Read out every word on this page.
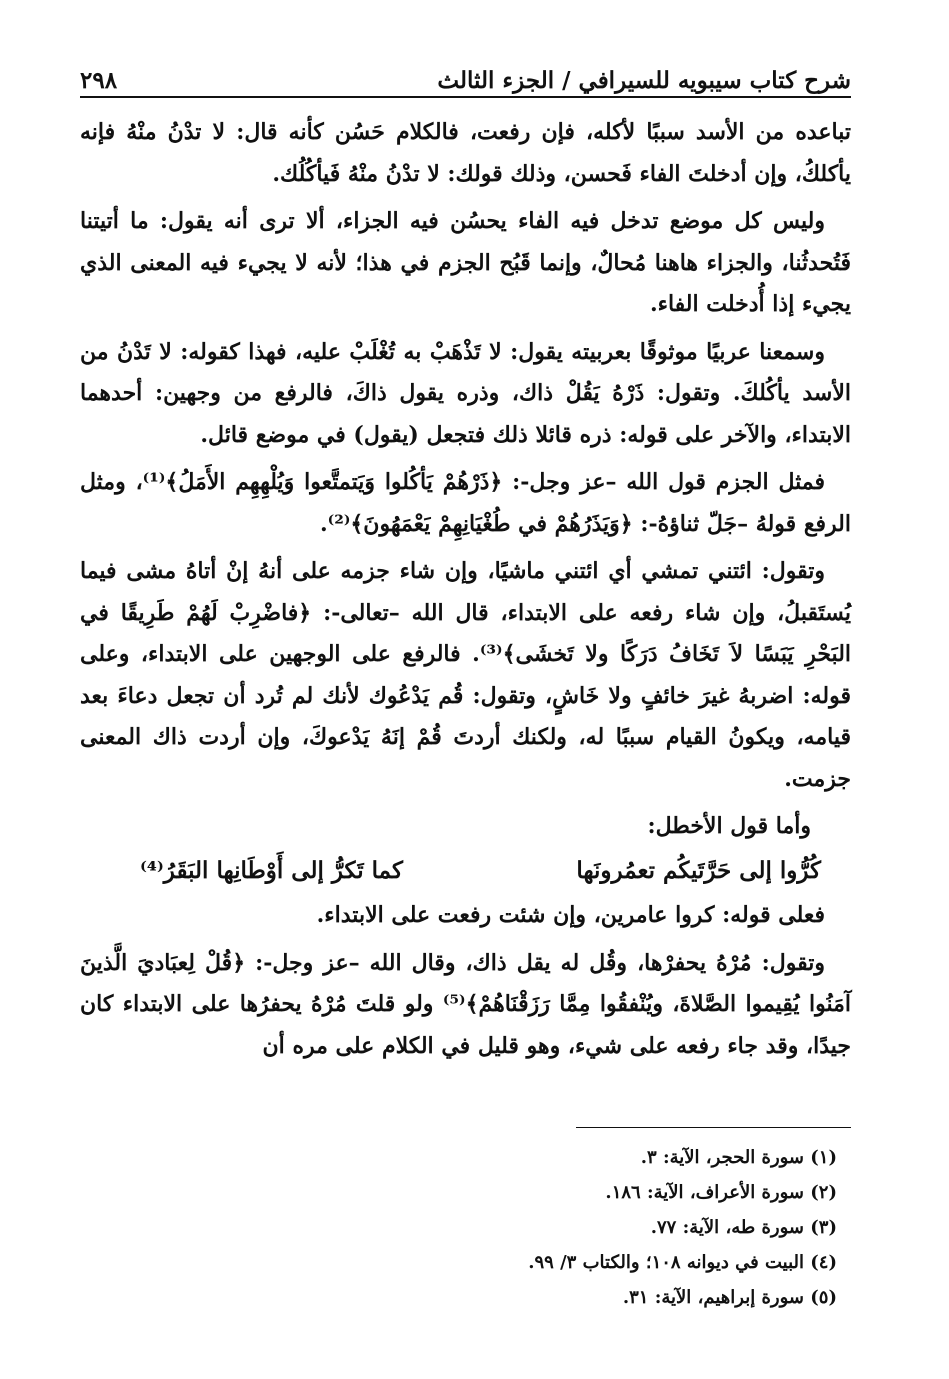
شرح كتاب سيبويه للسيرافي / الجزء الثالث
٢٩٨

تباعده من الأسد سببًا لأكله، فإن رفعت، فالكلام حَسُن كأنه قال: لا تدْنُ منْهُ فإنه يأكلكُ، وإن أدخلتَ الفاء فَحسن، وذلك قولك: لا تدْنُ منْهُ فَيأكُلُك.

وليس كل موضع تدخل فيه الفاء يحسُن فيه الجزاء، ألا ترى أنه يقول: ما أتيتنا فَتُحدثُنا، والجزاء هاهنا مُحالٌ، وإنما قَبُح الجزم في هذا؛ لأنه لا يجيء فيه المعنى الذي يجيء إذا أُدخلت الفاء.

وسمعنا عربيًا موثوقًا بعربيته يقول: لا تَذْهَبْ به تُغْلَبْ عليه، فهذا كقوله: لا تَدْنُ من الأسد يأكُلكَ. وتقول: ذَرْهُ يَقُلْ ذاك، وذره يقول ذاكَ، فالرفع من وجهين: أحدهما الابتداء، والآخر على قوله: ذره قائلا ذلك فتجعل (يقول) في موضع قائل.

فمثل الجزم قول الله –عز وجل-: ﴿ذَرْهُمْ يَأكُلوا وَيَتمتَّعوا وَيُلْهِهِم الأَمَلُ﴾⁽¹⁾، ومثل الرفع قولهُ –جَلّ ثناؤهُ-: ﴿وَيَذَرُهُمْ في طُغْيَانِهِمْ يَعْمَهُونَ﴾⁽²⁾.

وتقول: ائتني تمشي أي ائتني ماشيًا، وإن شاء جزمه على أنهُ إنْ أتاهُ مشى فيما يُستَقبلُ، وإن شاء رفعه على الابتداء، قال الله –تعالى-: ﴿فاضْرِبْ لَهُمْ طَرِيقًا في البَحْرِ يَبَسًا لاَ تَخَافُ دَرَكًا ولا تَخشَى﴾⁽³⁾. فالرفع على الوجهين على الابتداء، وعلى قوله: اضربهُ غيرَ خائفٍ ولا خَاشٍ، وتقول: قُم يَدْعُوك لأنك لم تُرد أن تجعل دعاءَ بعد قيامه، ويكونُ القيام سببًا له، ولكنك أردتَ قُمْ إنَهُ يَدْعوكَ، وإن أردت ذاك المعنى جزمت.

وأما قول الأخطل:

كُرُّوا إلى حَرَّتَيكُم تعمُرونَها
كما تَكرُّ إلى أَوْطَانِها البَقَرُ⁽⁴⁾

فعلى قوله: كروا عامرين، وإن شئت رفعت على الابتداء.

وتقول: مُرْهُ يحفرْها، وقُل له يقل ذاك، وقال الله –عز وجل-: ﴿قُلْ لِعبَاديَ الَّذينَ آمَنُوا يُقِيموا الصَّلاةَ، ويُنْفقُوا مِمَّا رَزَقْنَاهُمْ﴾⁽⁵⁾ ولو قلتَ مُرْهُ يحفرُها على الابتداء كان جيدًا، وقد جاء رفعه على شيء، وهو قليل في الكلام على مره أن

(١) سورة الحجر، الآية: ٣.
(٢) سورة الأعراف، الآية: ١٨٦.
(٣) سورة طه، الآية: ٧٧.
(٤) البيت في ديوانه ١٠٨؛ والكتاب ٣/ ٩٩.
(٥) سورة إبراهيم، الآية: ٣١.
